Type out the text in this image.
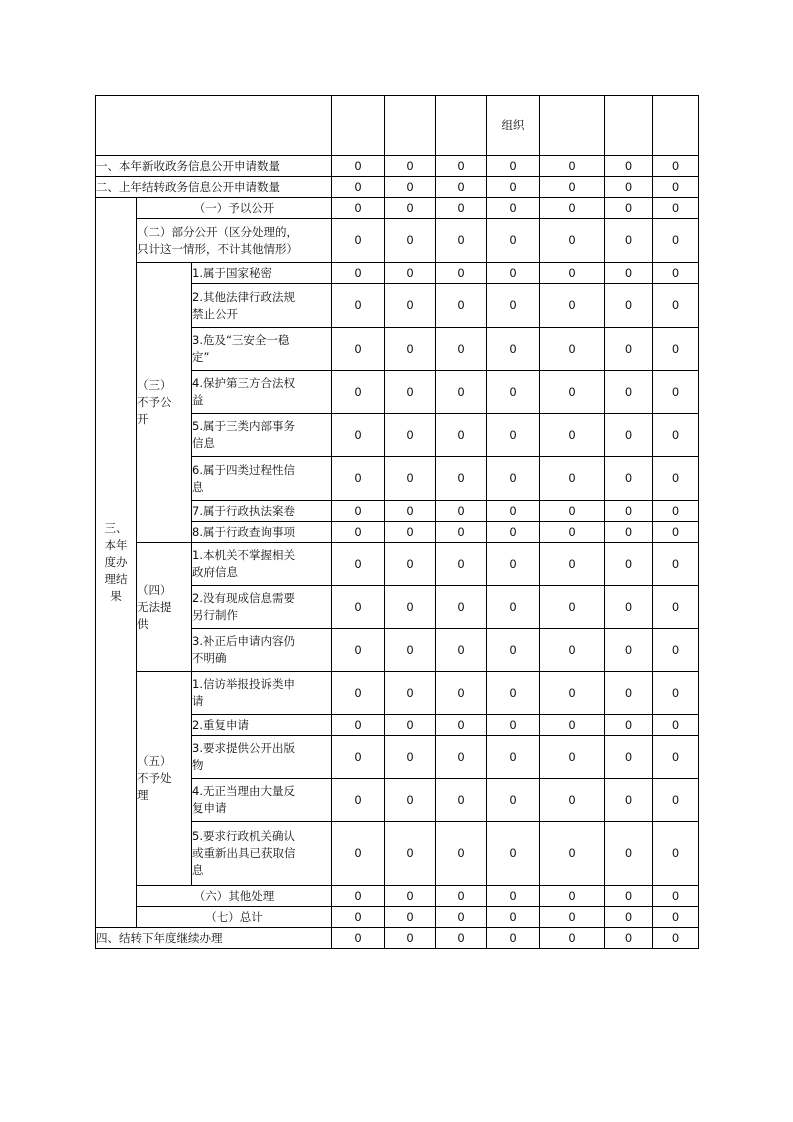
						组织			

一、本年新收政务信息公开申请数量			0	0	0	0	0	0	0

二、上年结转政务信息公开申请数量			0	0	0	0	0	0	0

三、
本年
度办
理结
果	（一）予以公开		0	0	0	0	0	0	0

	（二）部分公开（区分处理的，
只计这一情形，不计其他情形）		0	0	0	0	0	0	0

	（三）
不予公
开	1.属于国家秘密	0	0	0	0	0	0	0

		2.其他法律行政法规
禁止公开	0	0	0	0	0	0	0

		3.危及“三安全一稳
定”	0	0	0	0	0	0	0

		4.保护第三方合法权
益	0	0	0	0	0	0	0

		5.属于三类内部事务
信息	0	0	0	0	0	0	0

		6.属于四类过程性信
息	0	0	0	0	0	0	0

		7.属于行政执法案卷	0	0	0	0	0	0	0

		8.属于行政查询事项	0	0	0	0	0	0	0

	（四）
无法提
供	1.本机关不掌握相关
政府信息	0	0	0	0	0	0	0

		2.没有现成信息需要
另行制作	0	0	0	0	0	0	0

		3.补正后申请内容仍
不明确	0	0	0	0	0	0	0

	（五）
不予处
理	1.信访举报投诉类申
请	0	0	0	0	0	0	0

		2.重复申请	0	0	0	0	0	0	0

		3.要求提供公开出版
物	0	0	0	0	0	0	0

		4.无正当理由大量反
复申请	0	0	0	0	0	0	0

		5.要求行政机关确认
或重新出具已获取信
息	0	0	0	0	0	0	0

	（六）其他处理		0	0	0	0	0	0	0

	（七）总计		0	0	0	0	0	0	0

四、结转下年度继续办理			0	0	0	0	0	0	0
